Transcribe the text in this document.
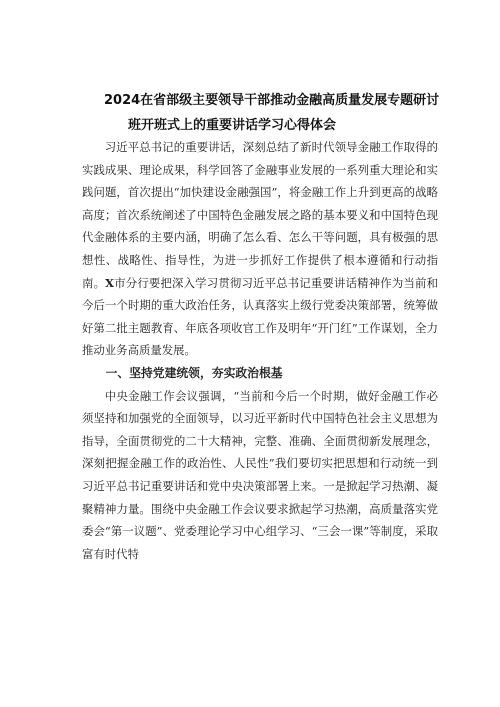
2024在省部级主要领导干部推动金融高质量发展专题研讨
班开班式上的重要讲话学习心得体会

习近平总书记的重要讲话，深刻总结了新时代领导金融工作取得的实践成果、理论成果，科学回答了金融事业发展的一系列重大理论和实践问题，首次提出“加快建设金融强国”，将金融工作上升到更高的战略高度；首次系统阐述了中国特色金融发展之路的基本要义和中国特色现代金融体系的主要内涵，明确了怎么看、怎么干等问题，具有极强的思想性、战略性、指导性，为进一步抓好工作提供了根本遵循和行动指南。X市分行要把深入学习贯彻习近平总书记重要讲话精神作为当前和今后一个时期的重大政治任务，认真落实上级行党委决策部署，统筹做好第二批主题教育、年底各项收官工作及明年“开门红”工作谋划，全力推动业务高质量发展。

一、坚持党建统领，夯实政治根基

中央金融工作会议强调，“当前和今后一个时期，做好金融工作必须坚持和加强党的全面领导，以习近平新时代中国特色社会主义思想为指导，全面贯彻党的二十大精神，完整、准确、全面贯彻新发展理念，深刻把握金融工作的政治性、人民性”我们要切实把思想和行动统一到习近平总书记重要讲话和党中央决策部署上来。一是掀起学习热潮、凝聚精神力量。围绕中央金融工作会议要求掀起学习热潮，高质量落实党委会“第一议题”、党委理论学习中心组学习、“三会一课”等制度，采取富有时代特
